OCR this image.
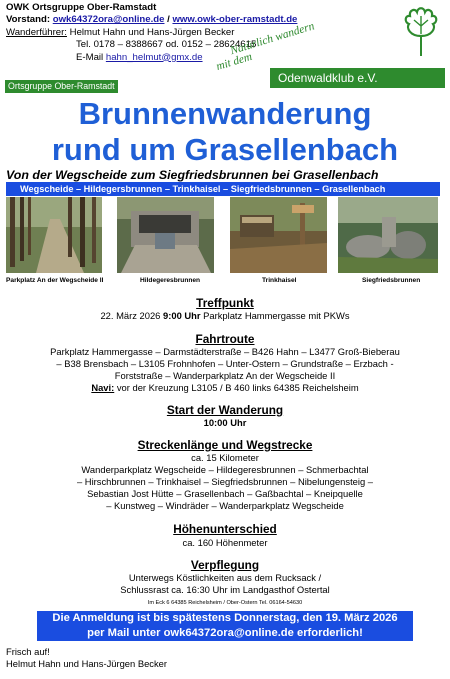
OWK Ortsgruppe Ober-Ramstadt
Vorstand: owk64372ora@online.de / www.owk-ober-ramstadt.de
Wanderführer: Helmut Hahn und Hans-Jürgen Becker
Tel. 0178 – 8388667 od. 0152 – 28624615
E-Mail hahn_helmut@gmx.de	Natürlich wandern
mit dem
Ortsgruppe Ober-Ramstadt
Odenwaldklub e.V.
Brunnenwanderung
rund um Grasellenbach
Von der Wegscheide zum Siegfriedsbrunnen bei Grasellenbach
Wegscheide – Hildegersbrunnen – Trinkhaisel – Siegfriedsbrunnen – Grasellenbach
Parkplatz An der Wegscheide II	Hildegeresbrunnen	Trinkhaisel	Siegfriedsbrunnen
Treffpunkt
22. März 2026 9:00 Uhr Parkplatz Hammergasse mit PKWs
Fahrtroute
Parkplatz Hammergasse – Darmstädterstraße – B426 Hahn – L3477 Groß-Bieberau
– B38 Brensbach – L3105 Frohnhofen – Unter-Ostern – Grundstraße – Erzbach -
Forststraße – Wanderparkplatz An der Wegscheide II
Navi: vor der Kreuzung L3105 / B 460 links 64385 Reichelsheim
Start der Wanderung
10:00 Uhr
Streckenlänge und Wegstrecke
ca. 15 Kilometer
Wanderparkplatz Wegscheide – Hildegeresbrunnen – Schmerbachtal
– Hirschbrunnen – Trinkhaisel – Siegfriedsbrunnen – Nibelungensteig –
Sebastian Jost Hütte – Grasellenbach – Gaßbachtal – Kneipquelle
– Kunstweg – Windräder – Wanderparkplatz Wegscheide
Höhenunterschied
ca. 160 Höhenmeter
Verpflegung
Unterwegs Köstlichkeiten aus dem Rucksack /
Schlussrast ca. 16:30 Uhr im Landgasthof Ostertal
Im Eck 6 64385 Reichelsheim / Ober-Ostern Tel. 06164-54630
Die Anmeldung ist bis spätestens Donnerstag, den 19. März 2026
per Mail unter owk64372ora@online.de erforderlich!
Frisch auf!
Helmut Hahn und Hans-Jürgen Becker
